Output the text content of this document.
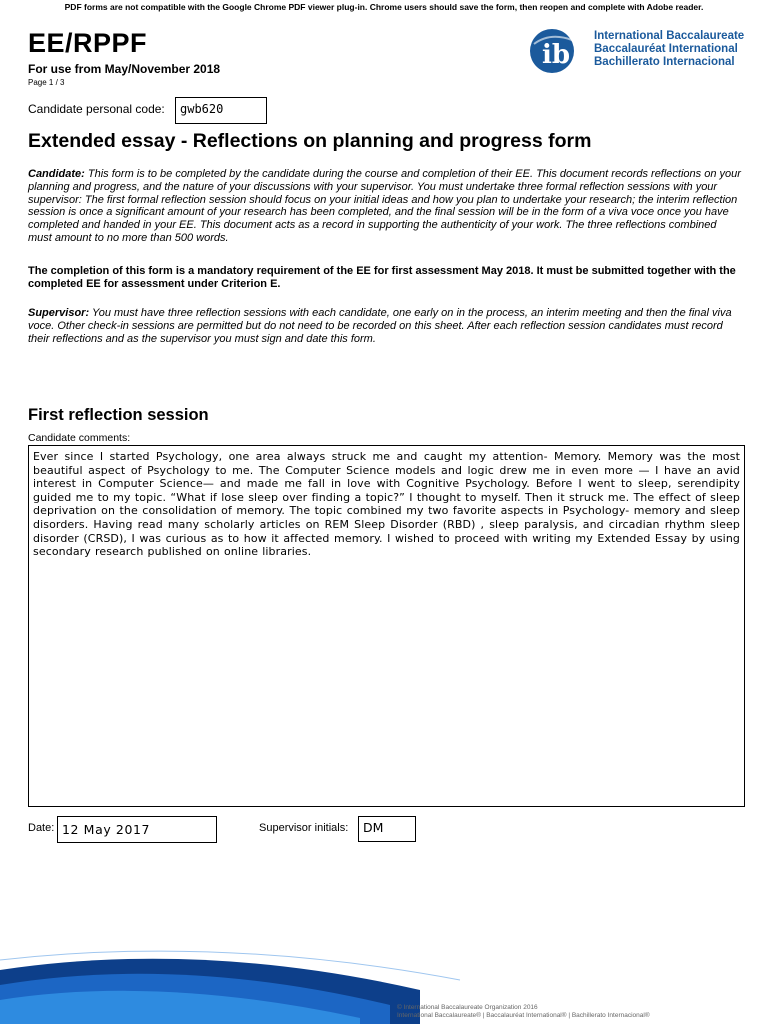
PDF forms are not compatible with the Google Chrome PDF viewer plug-in. Chrome users should save the form, then reopen and complete with Adobe reader.
EE/RPPF
For use from May/November 2018
Page 1 / 3
ib
International Baccalaureate
Baccalauréat International
Bachillerato Internacional
Candidate personal code:	gwb620
Extended essay - Reflections on planning and progress form
Candidate: This form is to be completed by the candidate during the course and completion of their EE. This document records reflections on your planning and progress, and the nature of your discussions with your supervisor. You must undertake three formal reflection sessions with your supervisor: The first formal reflection session should focus on your initial ideas and how you plan to undertake your research; the interim reflection session is once a significant amount of your research has been completed, and the final session will be in the form of a viva voce once you have completed and handed in your EE. This document acts as a record in supporting the authenticity of your work. The three reflections combined must amount to no more than 500 words.
The completion of this form is a mandatory requirement of the EE for first assessment May 2018. It must be submitted together with the completed EE for assessment under Criterion E.
Supervisor: You must have three reflection sessions with each candidate, one early on in the process, an interim meeting and then the final viva voce. Other check-in sessions are permitted but do not need to be recorded on this sheet. After each reflection session candidates must record their reflections and as the supervisor you must sign and date this form.
First reflection session
Candidate comments:
Ever since I started Psychology, one area always struck me and caught my attention- Memory. Memory was the most beautiful aspect of Psychology to me. The Computer Science models and logic drew me in even more — I have an avid interest in Computer Science— and made me fall in love with Cognitive Psychology. Before I went to sleep, serendipity guided me to my topic. “What if lose sleep over finding a topic?” I thought to myself. Then it struck me. The effect of sleep deprivation on the consolidation of memory. The topic combined my two favorite aspects in Psychology- memory and sleep disorders. Having read many scholarly articles on REM Sleep Disorder (RBD) , sleep paralysis, and circadian rhythm sleep disorder (CRSD), I was curious as to how it affected memory. I wished to proceed with writing my Extended Essay by using secondary research published on online libraries.
Date: 12 May 2017	Supervisor initials:	DM
© International Baccalaureate Organization 2016
International Baccalaureate® | Baccalauréat International® | Bachillerato Internacional®
